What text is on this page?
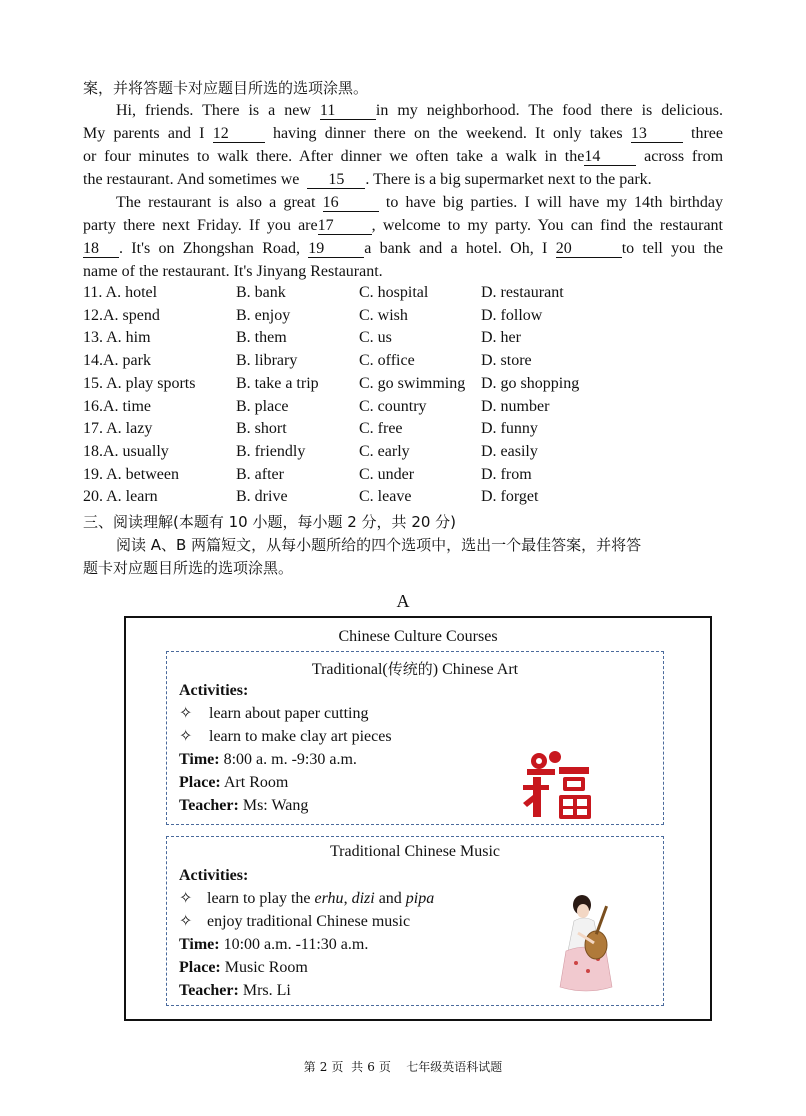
案，并将答题卡对应题目所选的选项涂黑。
Hi, friends. There is a new 11	in my neighborhood. The food there is delicious.
My parents and I 12	having dinner there on the weekend. It only takes 13	three
or four minutes to walk there. After dinner we often take a walk in the14	across from
the restaurant. And sometimes we 15 . There is a big supermarket next to the park.
The restaurant is also a great 16	to have big parties. I will have my 14th birthday
party there next Friday. If you are17 , welcome to my party. You can find the restaurant
18 . It's on Zhongshan Road, 19	a bank and a hotel. Oh, I 20	to tell you the
name of the restaurant. It's Jinyang Restaurant.
11. A. hotel	B. bank	C. hospital	D. restaurant
12.A. spend	B. enjoy	C. wish	D. follow
13. A. him	B. them	C. us	D. her
14.A. park	B. library	C. office	D. store
15. A. play sports	B. take a trip	C. go swimming D. go shopping
16.A. time	B. place	C. country	D. number
17. A. lazy	B. short	C. free	D. funny
18.A. usually	B. friendly	C. early	D. easily
19. A. between	B. after	C. under	D. from
20. A. learn	B. drive	C. leave	D. forget
三、阅读理解(本题有 10 小题，每小题 2 分，共 20 分)
阅读 A、B 两篇短文，从每小题所给的四个选项中，选出一个最佳答案，并将答
题卡对应题目所选的选项涂黑。
A
Chinese Culture Courses
Traditional(传统的) Chinese Art
Activities:
✧ learn about paper cutting
✧ learn to make clay art pieces
Time: 8:00 a. m. -9:30 a.m.
Place: Art Room
Teacher: Ms: Wang
Traditional Chinese Music
Activities:
✧ learn to play the erhu, dizi and pipa
✧ enjoy traditional Chinese music
Time: 10:00 a.m. -11:30 a.m.
Place: Music Room
Teacher: Mrs. Li
第 2 页 共 6 页 七年级英语科试题
